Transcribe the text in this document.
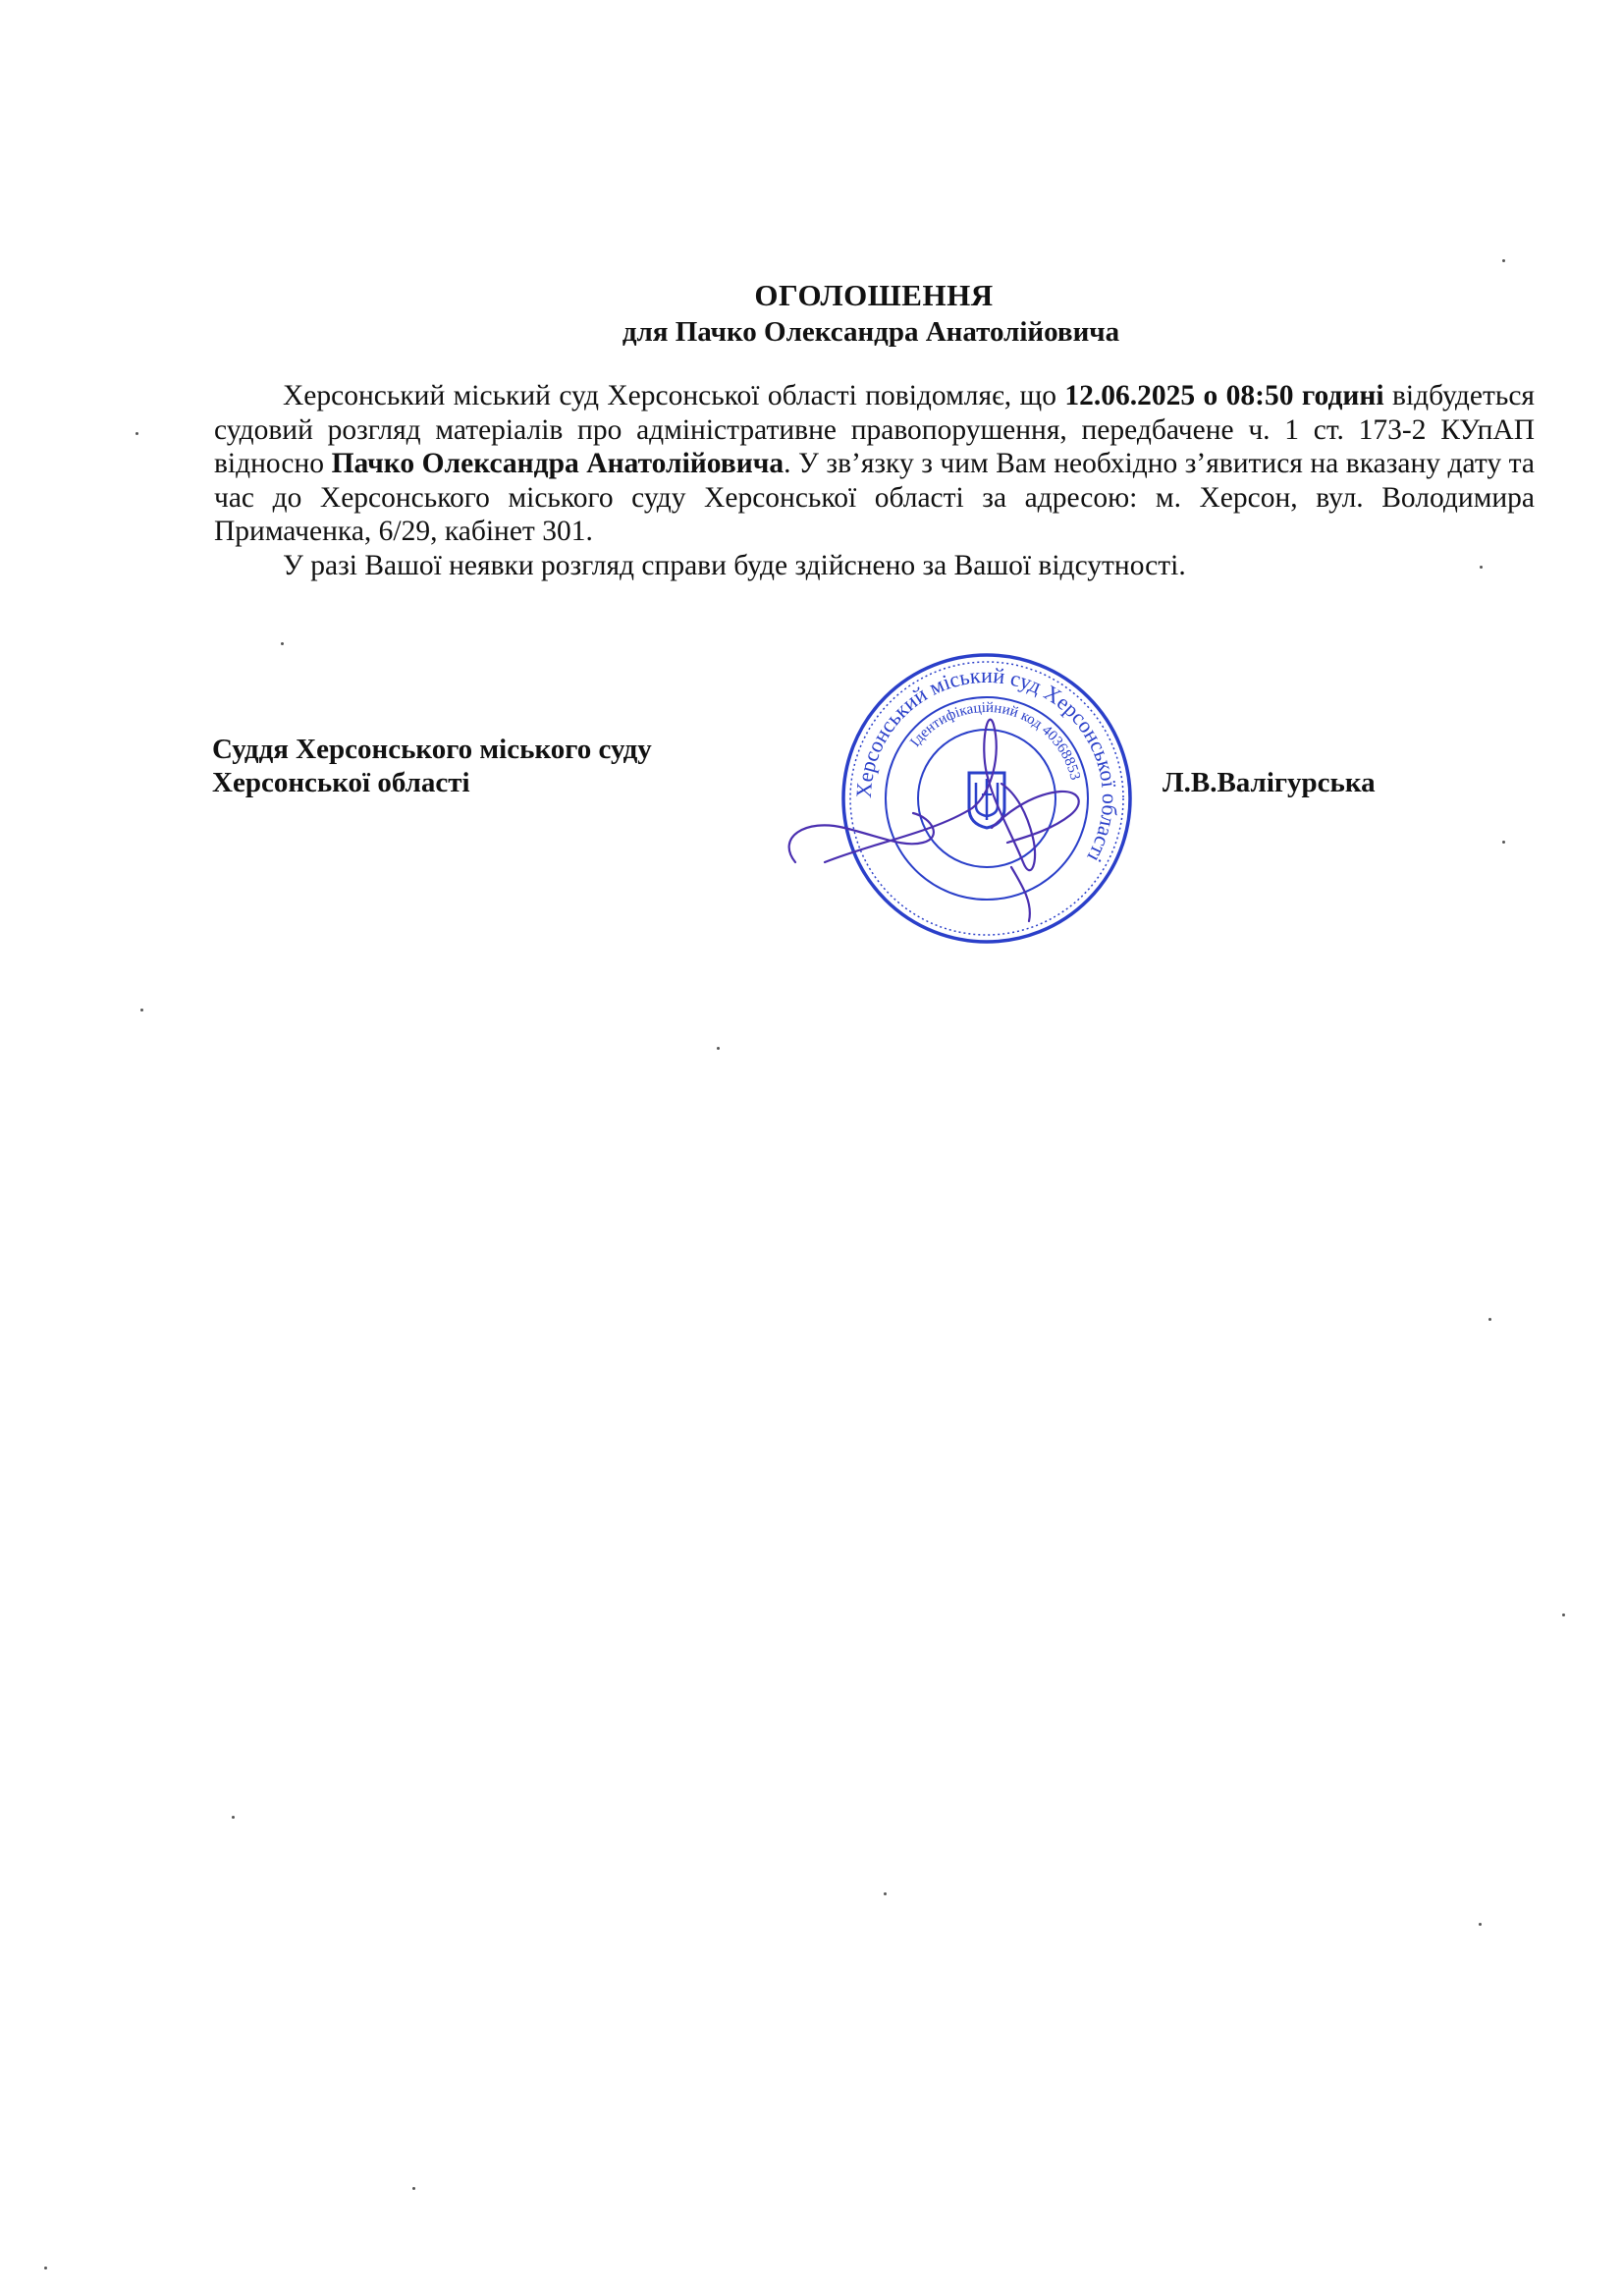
ОГОЛОШЕННЯ
для Пачко Олександра Анатолійовича

Херсонський міський суд Херсонської області повідомляє, що 12.06.2025 о 08:50 годині відбудеться судовий розгляд матеріалів про адміністративне правопорушення, передбачене ч. 1 ст. 173-2 КУпАП відносно Пачко Олександра Анатолійовича. У зв’язку з чим Вам необхідно з’явитися на вказану дату та час до Херсонського міського суду Херсонської області за адресою: м. Херсон, вул. Володимира Примаченка, 6/29, кабінет 301.

У разі Вашої неявки розгляд справи буде здійснено за Вашої відсутності.

Суддя Херсонського міського суду
Херсонської області	Л.В.Валігурська
Херсонський міський суд Херсонської області
Ідентифікаційний код 40368853
